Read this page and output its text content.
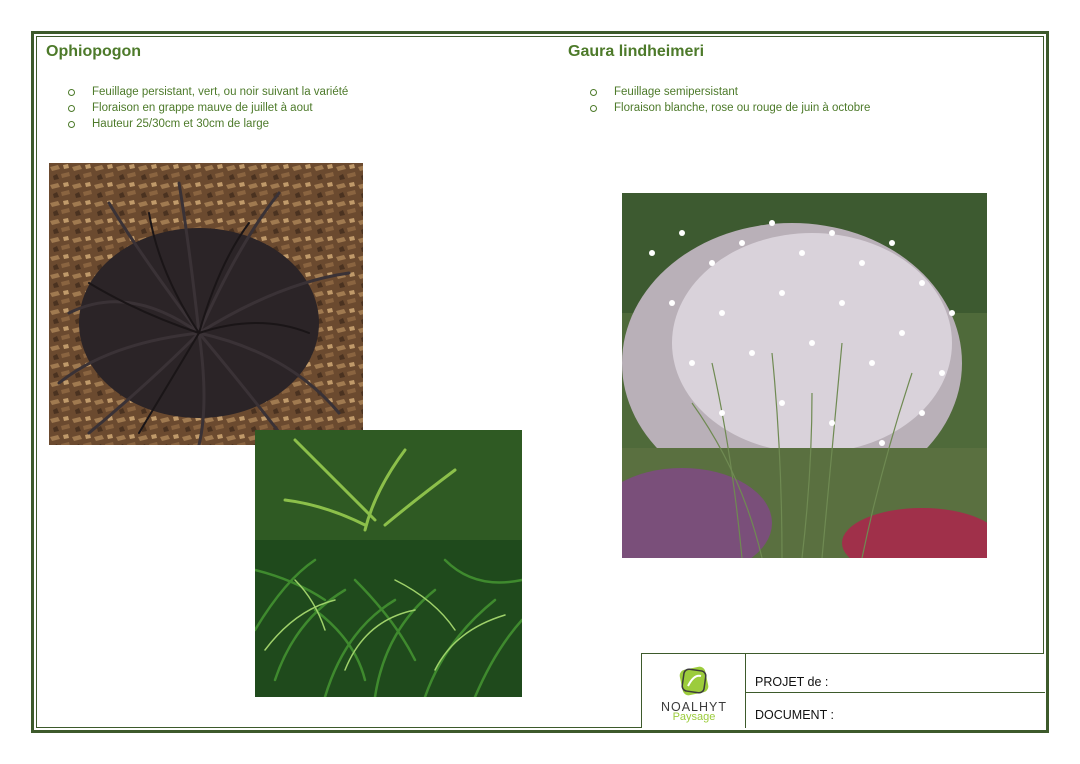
Ophiopogon
Feuillage persistant, vert, ou noir suivant la variété
Floraison en grappe mauve de juillet à aout
Hauteur 25/30cm et 30cm de large
Gaura lindheimeri
Feuillage semipersistant
Floraison blanche, rose ou rouge de juin à octobre
NOALHYT
Paysage
PROJET de :
DOCUMENT :
